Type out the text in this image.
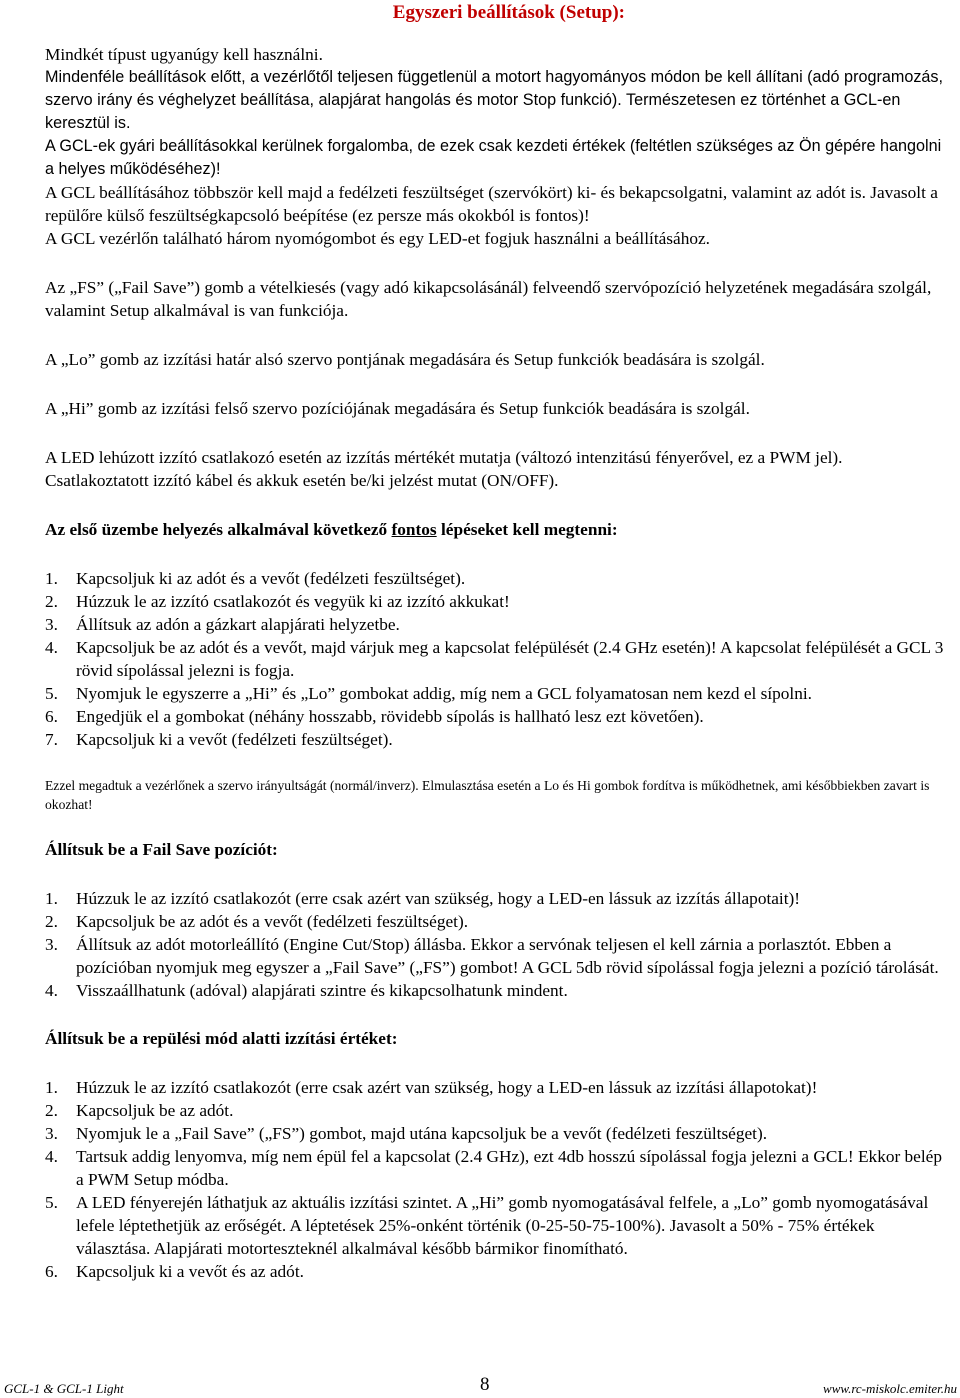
Egyszeri beállítások (Setup):

Mindkét típust ugyanúgy kell használni.

Mindenféle beállítások előtt, a vezérlőtől teljesen függetlenül a motort hagyományos módon be kell állítani (adó programozás, szervo irány és véghelyzet beállítása, alapjárat hangolás és motor Stop funkció). Természetesen ez történhet a GCL-en keresztül is.

A GCL-ek gyári beállításokkal kerülnek forgalomba, de ezek csak kezdeti értékek (feltétlen szükséges az Ön gépére hangolni a helyes működéséhez)!

A GCL beállításához többször kell majd a fedélzeti feszültséget (szervókört) ki- és bekapcsolgatni, valamint az adót is. Javasolt a repülőre külső feszültségkapcsoló beépítése (ez persze más okokból is fontos)!

A GCL vezérlőn található három nyomógombot és egy LED-et fogjuk használni a beállításához.

Az „FS” („Fail Save”) gomb a vételkiesés (vagy adó kikapcsolásánál) felveendő szervópozíció helyzetének megadására szolgál, valamint Setup alkalmával is van funkciója.

A „Lo” gomb az izzítási határ alsó szervo pontjának megadására és Setup funkciók beadására is szolgál.

A „Hi” gomb az izzítási felső szervo pozíciójának megadására és Setup funkciók beadására is szolgál.

A LED lehúzott izzító csatlakozó esetén az izzítás mértékét mutatja (változó intenzitású fényerővel, ez a PWM jel).

Csatlakoztatott izzító kábel és akkuk esetén be/ki jelzést mutat (ON/OFF).

Az első üzembe helyezés alkalmával következő fontos lépéseket kell megtenni:

1. Kapcsoljuk ki az adót és a vevőt (fedélzeti feszültséget).
2. Húzzuk le az izzító csatlakozót és vegyük ki az izzító akkukat!
3. Állítsuk az adón a gázkart alapjárati helyzetbe.
4. Kapcsoljuk be az adót és a vevőt, majd várjuk meg a kapcsolat felépülését (2.4 GHz esetén)! A kapcsolat felépülését a GCL 3 rövid sípolással jelezni is fogja.
5. Nyomjuk le egyszerre a „Hi” és „Lo” gombokat addig, míg nem a GCL folyamatosan nem kezd el sípolni.
6. Engedjük el a gombokat (néhány hosszabb, rövidebb sípolás is hallható lesz ezt követően).
7. Kapcsoljuk ki a vevőt (fedélzeti feszültséget).

Ezzel megadtuk a vezérlőnek a szervo irányultságát (normál/inverz). Elmulasztása esetén a Lo és Hi gombok fordítva is működhetnek, ami későbbiekben zavart is okozhat!

Állítsuk be a Fail Save pozíciót:

1. Húzzuk le az izzító csatlakozót (erre csak azért van szükség, hogy a LED-en lássuk az izzítás állapotait)!
2. Kapcsoljuk be az adót és a vevőt (fedélzeti feszültséget).
3. Állítsuk az adót motorleállító (Engine Cut/Stop) állásba. Ekkor a servónak teljesen el kell zárnia a porlasztót. Ebben a pozícióban nyomjuk meg egyszer a „Fail Save” („FS”) gombot! A GCL 5db rövid sípolással fogja jelezni a pozíció tárolását.
4. Visszaállhatunk (adóval) alapjárati szintre és kikapcsolhatunk mindent.

Állítsuk be a repülési mód alatti izzítási értéket:

1. Húzzuk le az izzító csatlakozót (erre csak azért van szükség, hogy a LED-en lássuk az izzítási állapotokat)!
2. Kapcsoljuk be az adót.
3. Nyomjuk le a „Fail Save” („FS”) gombot, majd utána kapcsoljuk be a vevőt (fedélzeti feszültséget).
4. Tartsuk addig lenyomva, míg nem épül fel a kapcsolat (2.4 GHz), ezt 4db hosszú sípolással fogja jelezni a GCL! Ekkor belép a PWM Setup módba.
5. A LED fényerején láthatjuk az aktuális izzítási szintet. A „Hi” gomb nyomogatásával felfele, a „Lo” gomb nyomogatásával lefele léptethetjük az erőségét. A léptetések 25%-onként történik (0-25-50-75-100%). Javasolt a 50% - 75% értékek választása. Alapjárati motorteszteknél alkalmával később bármikor finomítható.
6. Kapcsoljuk ki a vevőt és az adót.
GCL-1 & GCL-1 Light	8	www.rc-miskolc.emiter.hu
